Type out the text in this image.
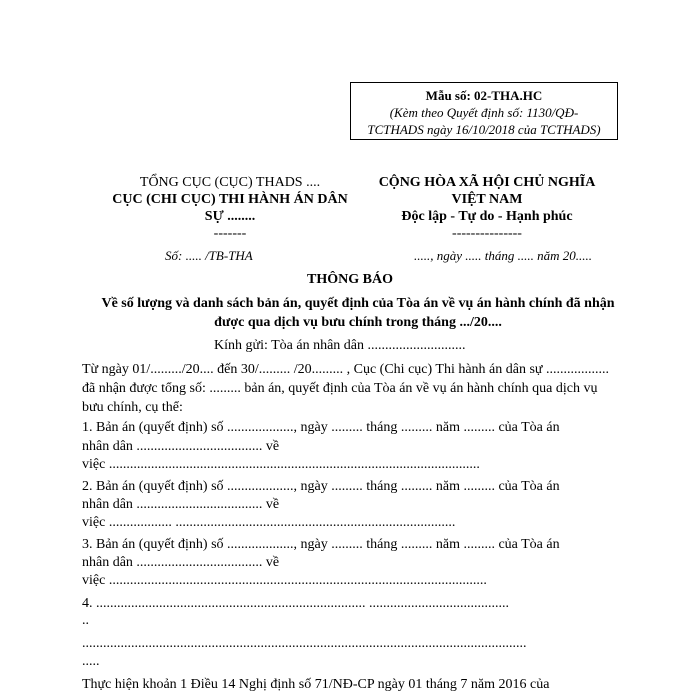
Mẫu số: 02-THA.HC
(Kèm theo Quyết định số: 1130/QĐ-
TCTHADS ngày 16/10/2018 của TCTHADS)
TỔNG CỤC (CỤC) THADS ....
CỤC (CHI CỤC) THI HÀNH ÁN DÂN
SỰ ........
-------
CỘNG HÒA XÃ HỘI CHỦ NGHĨA
VIỆT NAM
Độc lập - Tự do - Hạnh phúc
---------------
Số: ..... /TB-THA	....., ngày ..... tháng ..... năm 20.....
THÔNG BÁO
Về số lượng và danh sách bản án, quyết định của Tòa án về vụ án hành chính đã nhận được qua dịch vụ bưu chính trong tháng .../20....
Kính gửi: Tòa án nhân dân ............................
Từ ngày 01/........./20.... đến 30/......... /20......... , Cục (Chi cục) Thi hành án dân sự .................. đã nhận được tổng số: ......... bản án, quyết định của Tòa án về vụ án hành chính qua dịch vụ bưu chính, cụ thể:
1. Bản án (quyết định) số ..................., ngày ......... tháng ......... năm ......... của Tòa án
nhân dân .................................... về
việc ..........................................................................................................
2. Bản án (quyết định) số ..................., ngày ......... tháng ......... năm ......... của Tòa án
nhân dân .................................... về
việc .................. ................................................................................
3. Bản án (quyết định) số ..................., ngày ......... tháng ......... năm ......... của Tòa án
nhân dân .................................... về
việc ............................................................................................................
4. ............................................................................. ........................................
..
...............................................................................................................................
.....
Thực hiện khoản 1 Điều 14 Nghị định số 71/NĐ-CP ngày 01 tháng 7 năm 2016 của
